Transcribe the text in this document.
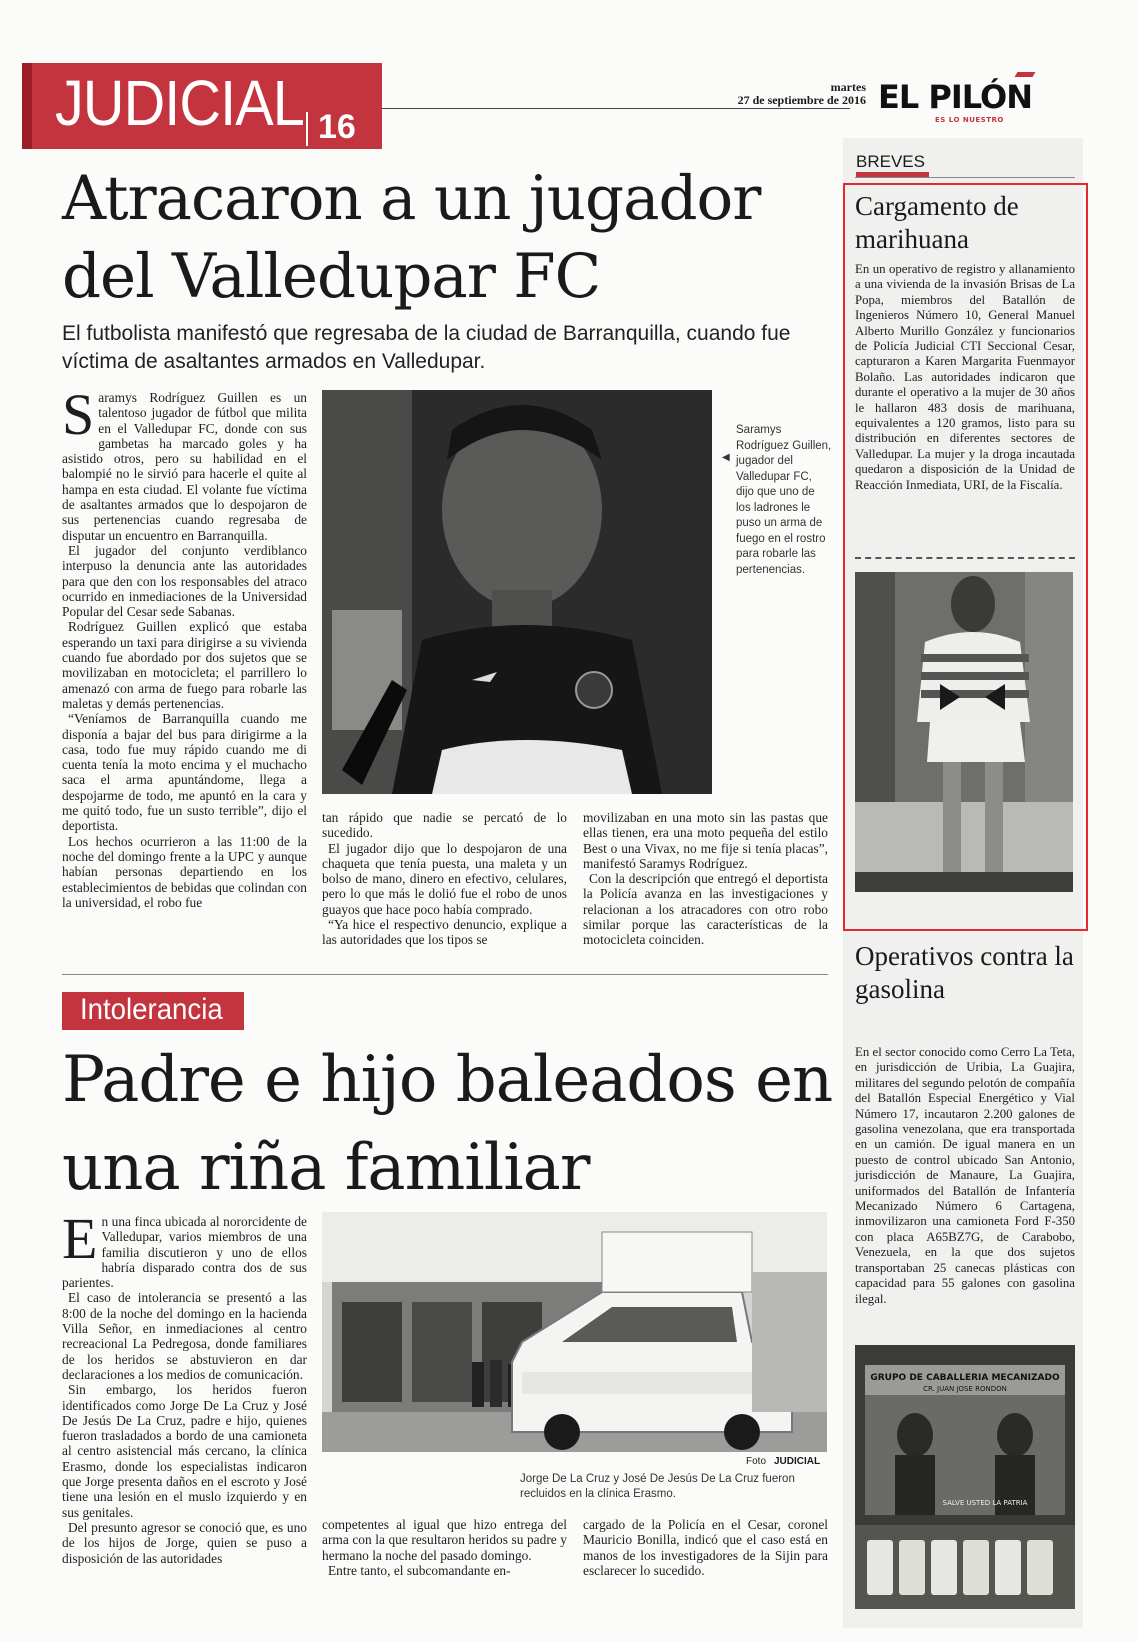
JUDICIAL 16
martes
27 de septiembre de 2016 EL PILÓN
ES LO NUESTRO
Atracaron a un jugador del Valledupar FC
El futbolista manifestó que regresaba de la ciudad de Barranquilla, cuando fue víctima de asaltantes armados en Valledupar.

Saramys Rodríguez Guillen es un talentoso jugador de fútbol que milita en el Valledupar FC, donde con sus gambetas ha marcado goles y ha asistido otros, pero su habilidad en el balompié no le sirvió para hacerle el quite al hampa en esta ciudad. El volante fue víctima de asaltantes armados que lo despojaron de sus pertenencias cuando regresaba de disputar un encuentro en Barranquilla.

El jugador del conjunto verdiblanco interpuso la denuncia ante las autoridades para que den con los responsables del atraco ocurrido en inmediaciones de la Universidad Popular del Cesar sede Sabanas.

Rodríguez Guillen explicó que estaba esperando un taxi para dirigirse a su vivienda cuando fue abordado por dos sujetos que se movilizaban en motocicleta; el parrillero lo amenazó con arma de fuego para robarle las maletas y demás pertenencias.

“Veníamos de Barranquilla cuando me disponía a bajar del bus para dirigirme a la casa, todo fue muy rápido cuando me di cuenta tenía la moto encima y el muchacho saca el arma apuntándome, llega a despojarme de todo, me apuntó en la cara y me quitó todo, fue un susto terrible”, dijo el deportista.

Los hechos ocurrieron a las 11:00 de la noche del domingo frente a la UPC y aunque habían personas departiendo en los establecimientos de bebidas que colindan con la universidad, el robo fue

◀
Saramys Rodríguez Guillen, jugador del Valledupar FC, dijo que uno de los ladrones le puso un arma de fuego en el rostro para robarle las pertenencias.

tan rápido que nadie se percató de lo sucedido.

El jugador dijo que lo despojaron de una chaqueta que tenía puesta, una maleta y un bolso de mano, dinero en efectivo, celulares, pero lo que más le dolió fue el robo de unos guayos que hace poco había comprado.

“Ya hice el respectivo denuncio, explique a las autoridades que los tipos se

movilizaban en una moto sin las pastas que ellas tienen, era una moto pequeña del estilo Best o una Vivax, no me fije si tenía placas”, manifestó Saramys Rodríguez.

Con la descripción que entregó el deportista la Policía avanza en las investigaciones y relacionan a los atracadores con otro robo similar porque las características de la motocicleta coinciden.

Intolerancia
Padre e hijo baleados en una riña familiar

En una finca ubicada al nororcidente de Valledupar, varios miembros de una familia discutieron y uno de ellos habría disparado contra dos de sus parientes.

El caso de intolerancia se presentó a las 8:00 de la noche del domingo en la hacienda Villa Señor, en inmediaciones al centro recreacional La Pedregosa, donde familiares de los heridos se abstuvieron en dar declaraciones a los medios de comunicación.

Sin embargo, los heridos fueron identificados como Jorge De La Cruz y José De Jesús De La Cruz, padre e hijo, quienes fueron trasladados a bordo de una camioneta al centro asistencial más cercano, la clínica Erasmo, donde los especialistas indicaron que Jorge presenta daños en el escroto y José tiene una lesión en el muslo izquierdo y en sus genitales.

Del presunto agresor se conoció que, es uno de los hijos de Jorge, quien se puso a disposición de las autoridades

Foto JUDICIAL
Jorge De La Cruz y José De Jesús De La Cruz fueron recluidos en la clínica Erasmo.

competentes al igual que hizo entrega del arma con la que resultaron heridos su padre y hermano la noche del pasado domingo.

Entre tanto, el subcomandante en-

cargado de la Policía en el Cesar, coronel Mauricio Bonilla, indicó que el caso está en manos de los investigadores de la Sijin para esclarecer lo sucedido.

BREVES
Cargamento de marihuana
En un operativo de registro y allanamiento a una vivienda de la invasión Brisas de La Popa, miembros del Batallón de Ingenieros Número 10, General Manuel Alberto Murillo González y funcionarios de Policía Judicial CTI Seccional Cesar, capturaron a Karen Margarita Fuenmayor Bolaño. Las autoridades indicaron que durante el operativo a la mujer de 30 años le hallaron 483 dosis de marihuana, equivalentes a 120 gramos, listo para su distribución en diferentes sectores de Valledupar. La mujer y la droga incautada quedaron a disposición de la Unidad de Reacción Inmediata, URI, de la Fiscalía.
Operativos contra la gasolina
En el sector conocido como Cerro La Teta, en jurisdicción de Uribia, La Guajira, militares del segundo pelotón de compañía del Batallón Especial Energético y Vial Número 17, incautaron 2.200 galones de gasolina venezolana, que era transportada en un camión. De igual manera en un puesto de control ubicado San Antonio, jurisdicción de Manaure, La Guajira, uniformados del Batallón de Infantería Mecanizado Número 6 Cartagena, inmovilizaron una camioneta Ford F-350 con placa A65BZ7G, de Carabobo, Venezuela, en la que dos sujetos transportaban 25 canecas plásticas con capacidad para 55 galones con gasolina ilegal.
GRUPO DE CABALLERIA MECANIZADO
CR. JUAN JOSE RONDON
SALVE USTED LA PATRIA
